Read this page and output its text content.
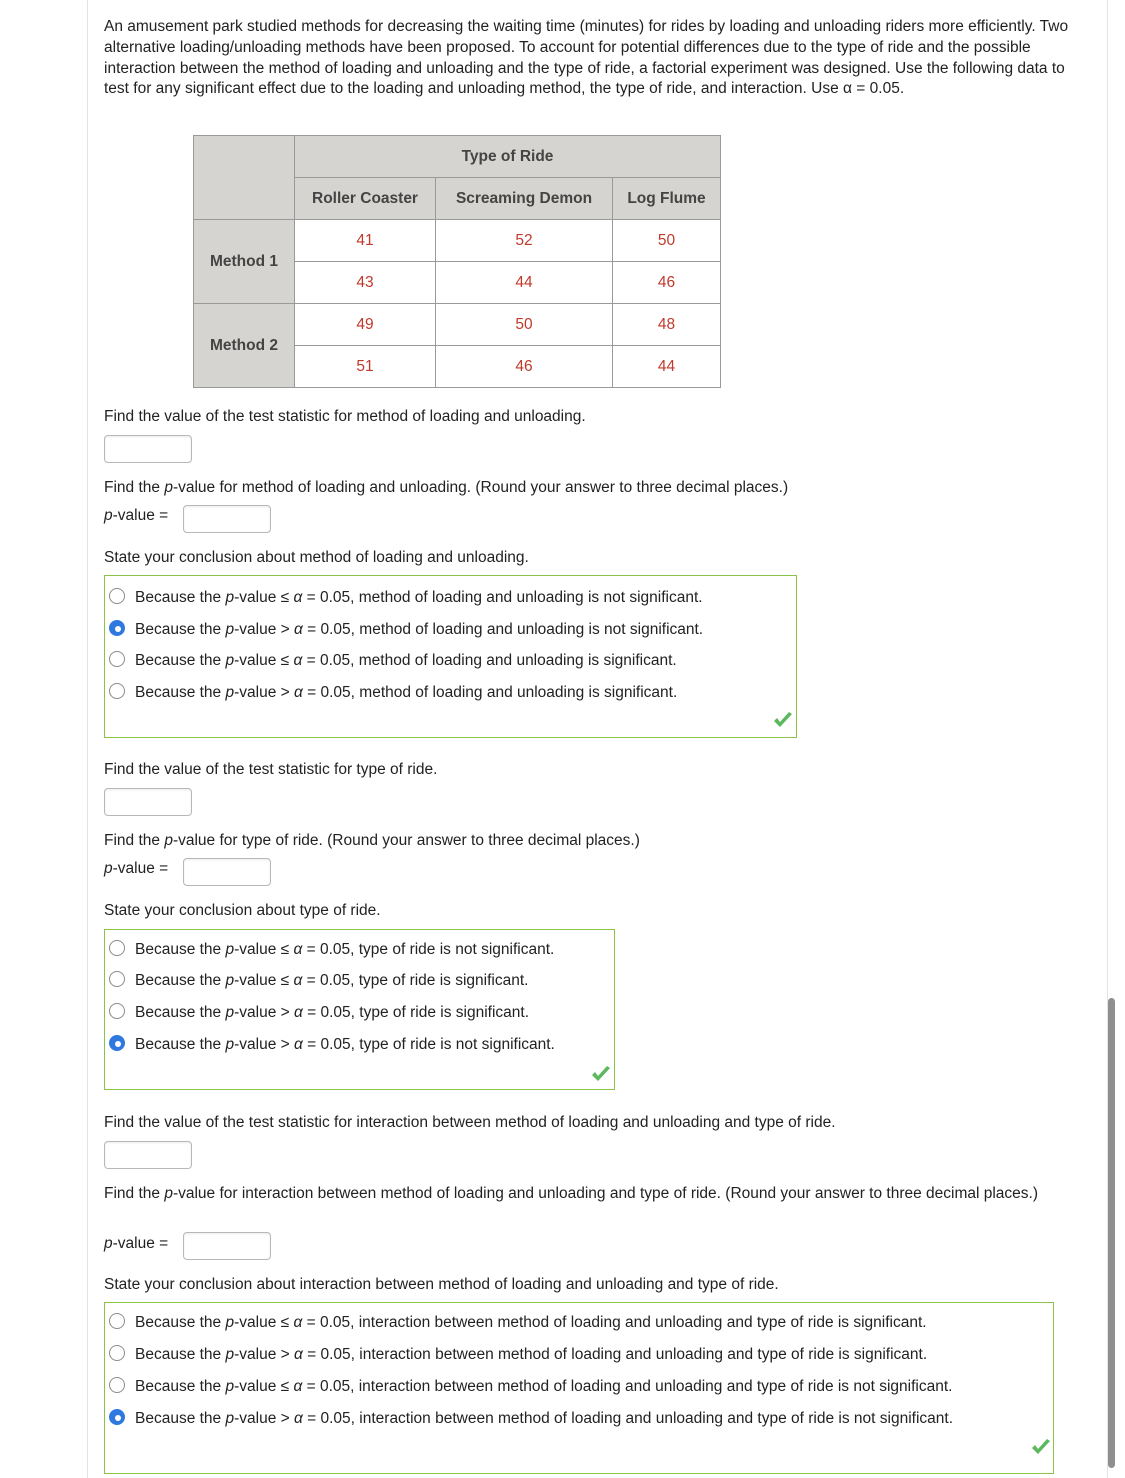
An amusement park studied methods for decreasing the waiting time (minutes) for rides by loading and unloading riders more efficiently. Two alternative loading/unloading methods have been proposed. To account for potential differences due to the type of ride and the possible interaction between the method of loading and unloading and the type of ride, a factorial experiment was designed. Use the following data to test for any significant effect due to the loading and unloading method, the type of ride, and interaction. Use α = 0.05.

	Type of Ride		
	Roller Coaster	Screaming Demon	Log Flume
Method 1	41	52	50
	43	44	46
Method 2	49	50	48
	51	46	44

Find the value of the test statistic for method of loading and unloading.

Find the p-value for method of loading and unloading. (Round your answer to three decimal places.)

p-value =

State your conclusion about method of loading and unloading.

Because the p-value ≤ α = 0.05, method of loading and unloading is not significant.
Because the p-value > α = 0.05, method of loading and unloading is not significant.
Because the p-value ≤ α = 0.05, method of loading and unloading is significant.
Because the p-value > α = 0.05, method of loading and unloading is significant.

Find the value of the test statistic for type of ride.

Find the p-value for type of ride. (Round your answer to three decimal places.)

p-value =

State your conclusion about type of ride.

Because the p-value ≤ α = 0.05, type of ride is not significant.
Because the p-value ≤ α = 0.05, type of ride is significant.
Because the p-value > α = 0.05, type of ride is significant.
Because the p-value > α = 0.05, type of ride is not significant.

Find the value of the test statistic for interaction between method of loading and unloading and type of ride.

Find the p-value for interaction between method of loading and unloading and type of ride. (Round your answer to three decimal places.)

p-value =

State your conclusion about interaction between method of loading and unloading and type of ride.

Because the p-value ≤ α = 0.05, interaction between method of loading and unloading and type of ride is significant.
Because the p-value > α = 0.05, interaction between method of loading and unloading and type of ride is significant.
Because the p-value ≤ α = 0.05, interaction between method of loading and unloading and type of ride is not significant.
Because the p-value > α = 0.05, interaction between method of loading and unloading and type of ride is not significant.
